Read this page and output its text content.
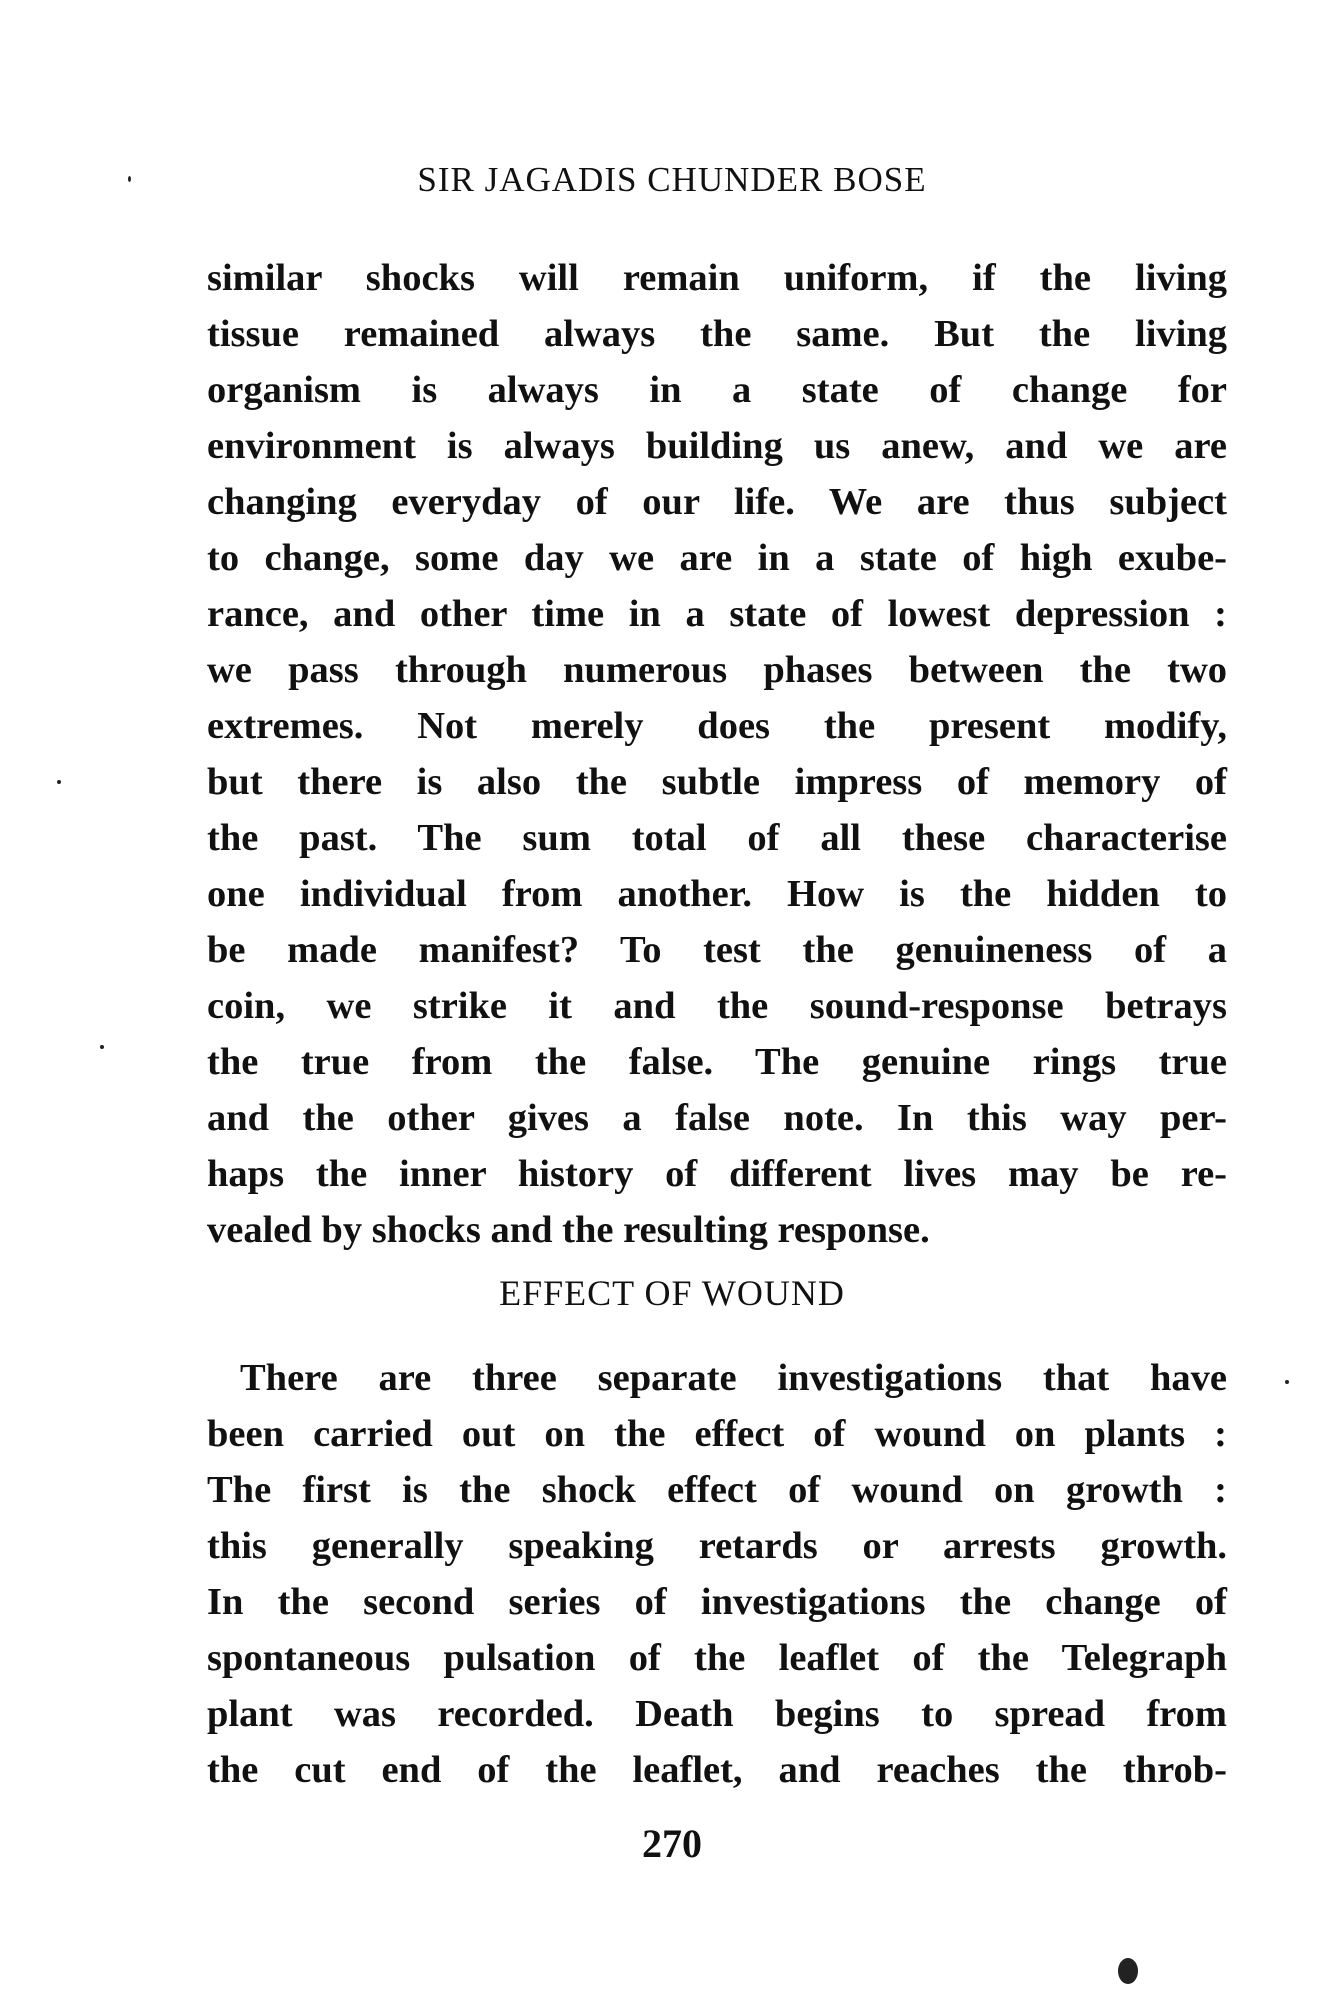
SIR JAGADIS CHUNDER BOSE
similar shocks will remain uniform, if the living
tissue remained always the same. But the living
organism is always in a state of change for
environment is always building us anew, and we are
changing everyday of our life. We are thus subject
to change, some day we are in a state of high exube-
rance, and other time in a state of lowest depression :
we pass through numerous phases between the two
extremes. Not merely does the present modify,
but there is also the subtle impress of memory of
the past. The sum total of all these characterise
one individual from another. How is the hidden to
be made manifest? To test the genuineness of a
coin, we strike it and the sound-response betrays
the true from the false. The genuine rings true
and the other gives a false note. In this way per-
haps the inner history of different lives may be re-
vealed by shocks and the resulting response.
EFFECT OF WOUND
There are three separate investigations that have
been carried out on the effect of wound on plants :
The first is the shock effect of wound on growth :
this generally speaking retards or arrests growth.
In the second series of investigations the change of
spontaneous pulsation of the leaflet of the Telegraph
plant was recorded. Death begins to spread from
the cut end of the leaflet, and reaches the throb-
270
